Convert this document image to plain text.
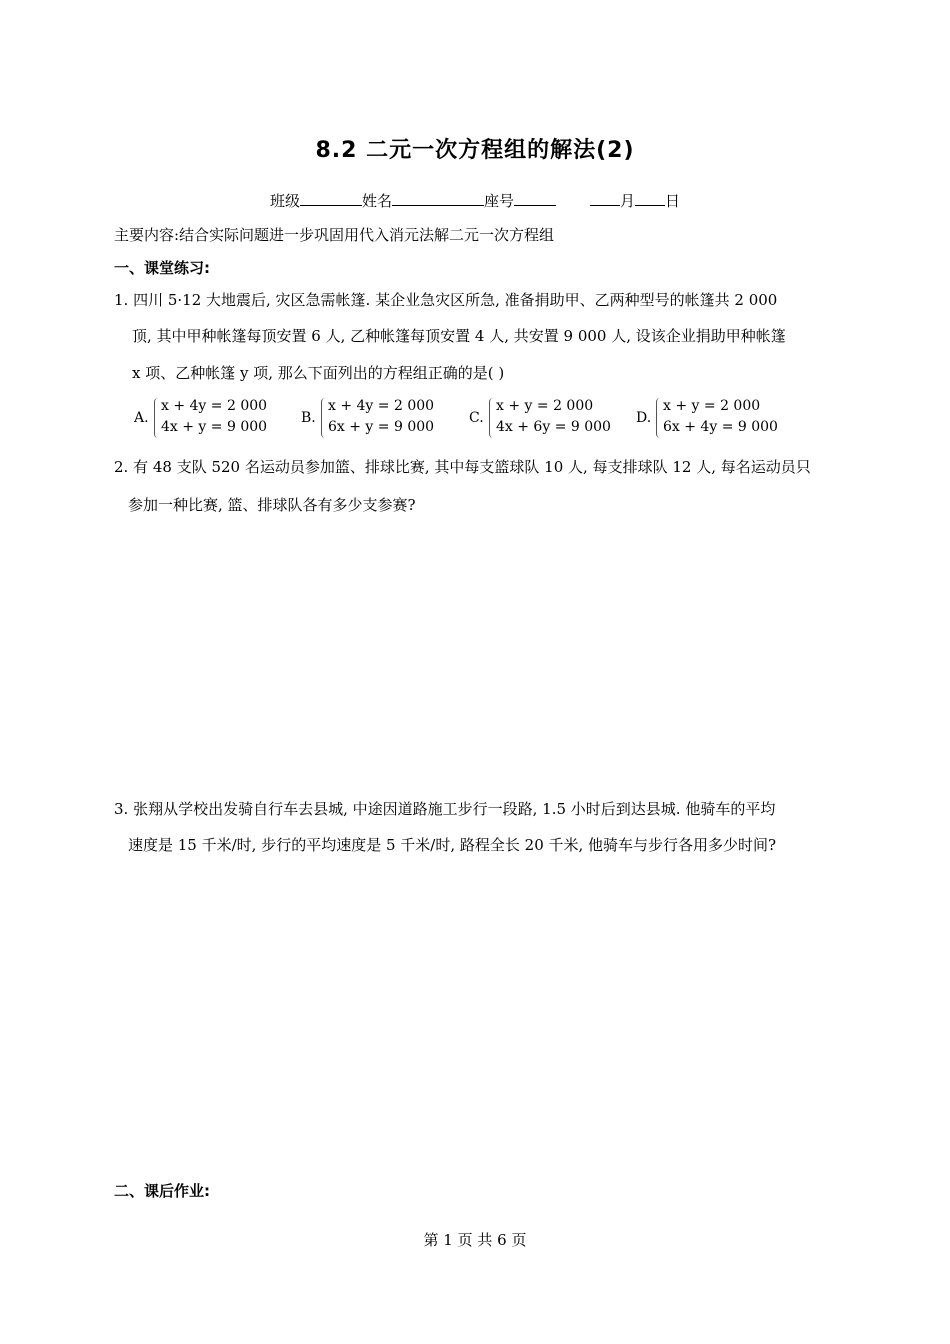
8.2 二元一次方程组的解法(2)
班级	姓名	座号	月 日
主要内容:结合实际问题进一步巩固用代入消元法解二元一次方程组
一、课堂练习:
1. 四川 5·12 大地震后, 灾区急需帐篷. 某企业急灾区所急, 准备捐助甲、乙两种型号的帐篷共 2 000
顶, 其中甲种帐篷每顶安置 6 人, 乙种帐篷每顶安置 4 人, 共安置 9 000 人, 设该企业捐助甲种帐篷
x 项、乙种帐篷 y 项, 那么下面列出的方程组正确的是( )
A.
x + 4y = 2 000
4x + y = 9 000
B.
x + 4y = 2 000
6x + y = 9 000
C.
x + y = 2 000
4x + 6y = 9 000
D.
x + y = 2 000
6x + 4y = 9 000
2. 有 48 支队 520 名运动员参加篮、排球比赛, 其中每支篮球队 10 人, 每支排球队 12 人, 每名运动员只
参加一种比赛, 篮、排球队各有多少支参赛?
3. 张翔从学校出发骑自行车去县城, 中途因道路施工步行一段路, 1.5 小时后到达县城. 他骑车的平均
速度是 15 千米/时, 步行的平均速度是 5 千米/时, 路程全长 20 千米, 他骑车与步行各用多少时间?
二、课后作业:
第 1 页 共 6 页
